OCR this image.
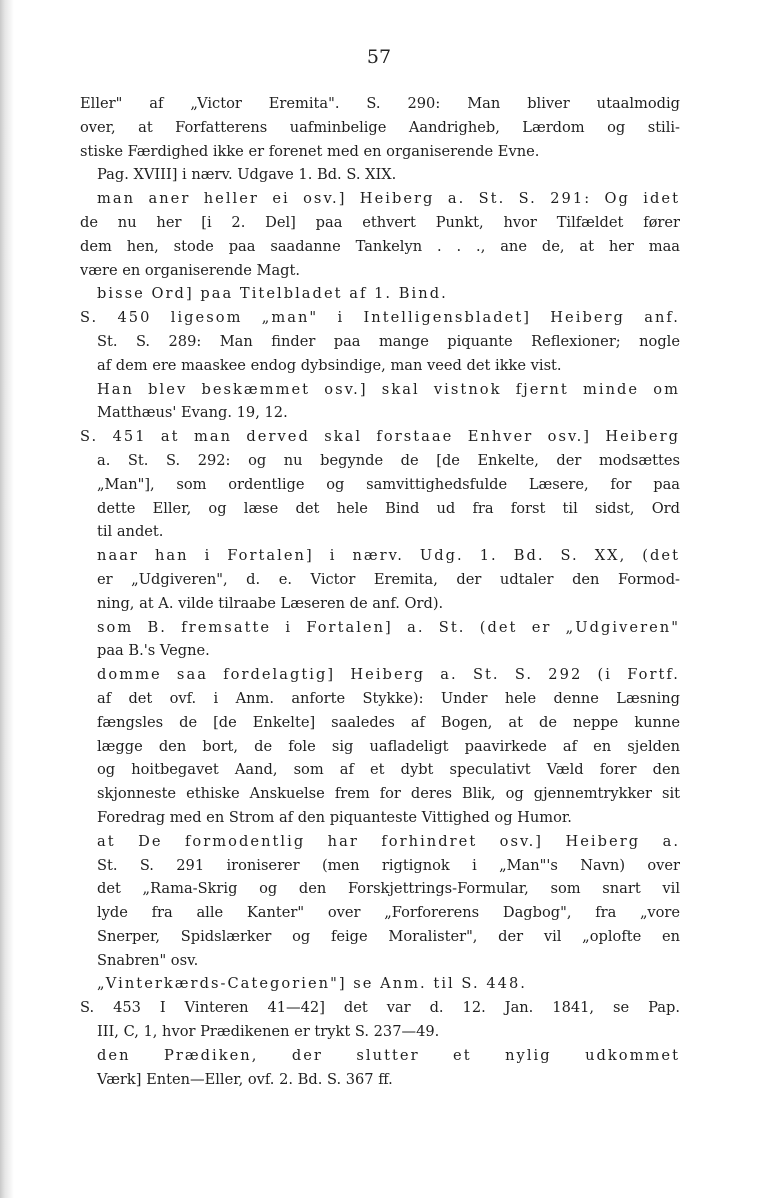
57
Eller" af „Victor Eremita". S. 290: Man bliver utaalmodig
over, at Forfatterens uafminbelige Aandrigheb, Lærdom og stili-
stiske Færdighed ikke er forenet med en organiserende Evne.
Pag. XVIII] i nærv. Udgave 1. Bd. S. XIX.
man aner heller ei osv.] Heiberg a. St. S. 291: Og idet
de nu her [i 2. Del] paa ethvert Punkt, hvor Tilfældet fører
dem hen, stode paa saadanne Tankelyn . . ., ane de, at her maa
være en organiserende Magt.
bisse Ord] paa Titelbladet af 1. Bind.
S. 450 ligesom „man" i Intelligensbladet] Heiberg anf.
St. S. 289: Man finder paa mange piquante Reflexioner; nogle
af dem ere maaskee endog dybsindige, man veed det ikke vist.
Han blev beskæmmet osv.] skal vistnok fjernt minde om
Matthæus' Evang. 19, 12.
S. 451 at man derved skal forstaae Enhver osv.] Heiberg
a. St. S. 292: og nu begynde de [de Enkelte, der modsættes
„Man"], som ordentlige og samvittighedsfulde Læsere, for paa
dette Eller, og læse det hele Bind ud fra forst til sidst, Ord
til andet.
naar han i Fortalen] i nærv. Udg. 1. Bd. S. XX, (det
er „Udgiveren", d. e. Victor Eremita, der udtaler den Formod-
ning, at A. vilde tilraabe Læseren de anf. Ord).
som B. fremsatte i Fortalen] a. St. (det er „Udgiveren"
paa B.'s Vegne.
domme saa fordelagtig] Heiberg a. St. S. 292 (i Fortf.
af det ovf. i Anm. anforte Stykke): Under hele denne Læsning
fængsles de [de Enkelte] saaledes af Bogen, at de neppe kunne
lægge den bort, de fole sig uafladeligt paavirkede af en sjelden
og hoitbegavet Aand, som af et dybt speculativt Væld forer den
skjonneste ethiske Anskuelse frem for deres Blik, og gjennemtrykker sit
Foredrag med en Strom af den piquanteste Vittighed og Humor.
at De formodentlig har forhindret osv.] Heiberg a.
St. S. 291 ironiserer (men rigtignok i „Man"'s Navn) over
det „Rama-Skrig og den Forskjettrings-Formular, som snart vil
lyde fra alle Kanter" over „Forforerens Dagbog", fra „vore
Snerper, Spidslærker og feige Moralister", der vil „oplofte en
Snabren" osv.
„Vinterkærds-Categorien"] se Anm. til S. 448.
S. 453 I Vinteren 41—42] det var d. 12. Jan. 1841, se Pap.
III, C, 1, hvor Prædikenen er trykt S. 237—49.
den Prædiken, der slutter et nylig udkommet
Værk] Enten—Eller, ovf. 2. Bd. S. 367 ff.
